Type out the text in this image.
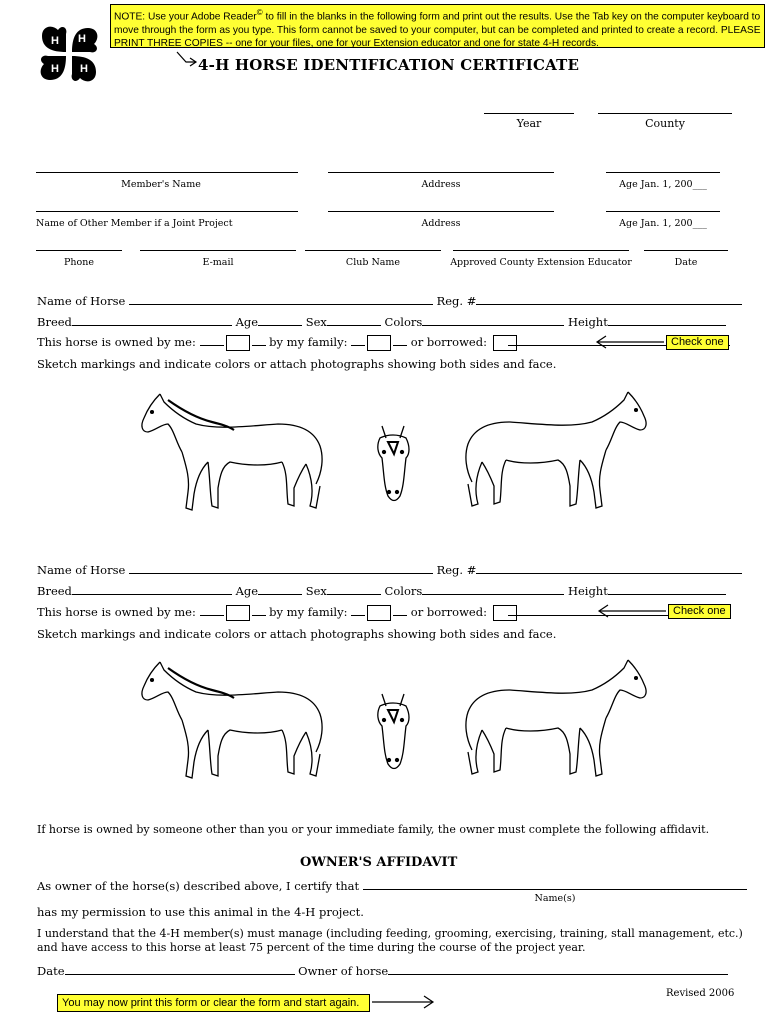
NOTE: Use your Adobe Reader© to fill in the blanks in the following form and print out the results. Use the Tab key on the computer keyboard to move through the form as you type. This form cannot be saved to your computer, but can be completed and printed to create a record. PLEASE PRINT THREE COPIES -- one for your files, one for your Extension educator and one for state 4-H records.
H H
H
H	4-H HORSE IDENTIFICATION CERTIFICATE
Year	County
Member's Name	Address	Age Jan. 1, 200___
Name of Other Member if a Joint Project	Address	Age Jan. 1, 200___
Phone	E-mail	Club Name	Approved County Extension Educator	Date
Name of Horse	Reg. #
Breed	Age	Sex	Colors	Height
This horse is owned by me:	by my family:	or borrowed:	Check one
Sketch markings and indicate colors or attach photographs showing both sides and face.
Name of Horse	Reg. #
Breed	Age	Sex	Colors	Height
This horse is owned by me:	by my family:	or borrowed:	Check one
Sketch markings and indicate colors or attach photographs showing both sides and face.
If horse is owned by someone other than you or your immediate family, the owner must complete the following affidavit.
OWNER'S AFFIDAVIT
As owner of the horse(s) described above, I certify that
Name(s)
has my permission to use this animal in the 4-H project.
I understand that the 4-H member(s) must manage (including feeding, grooming, exercising, training, stall management, etc.)
and have access to this horse at least 75 percent of the time during the course of the project year.
Date	Owner of horse
You may now print this form or clear the form and start again.
Revised 2006
